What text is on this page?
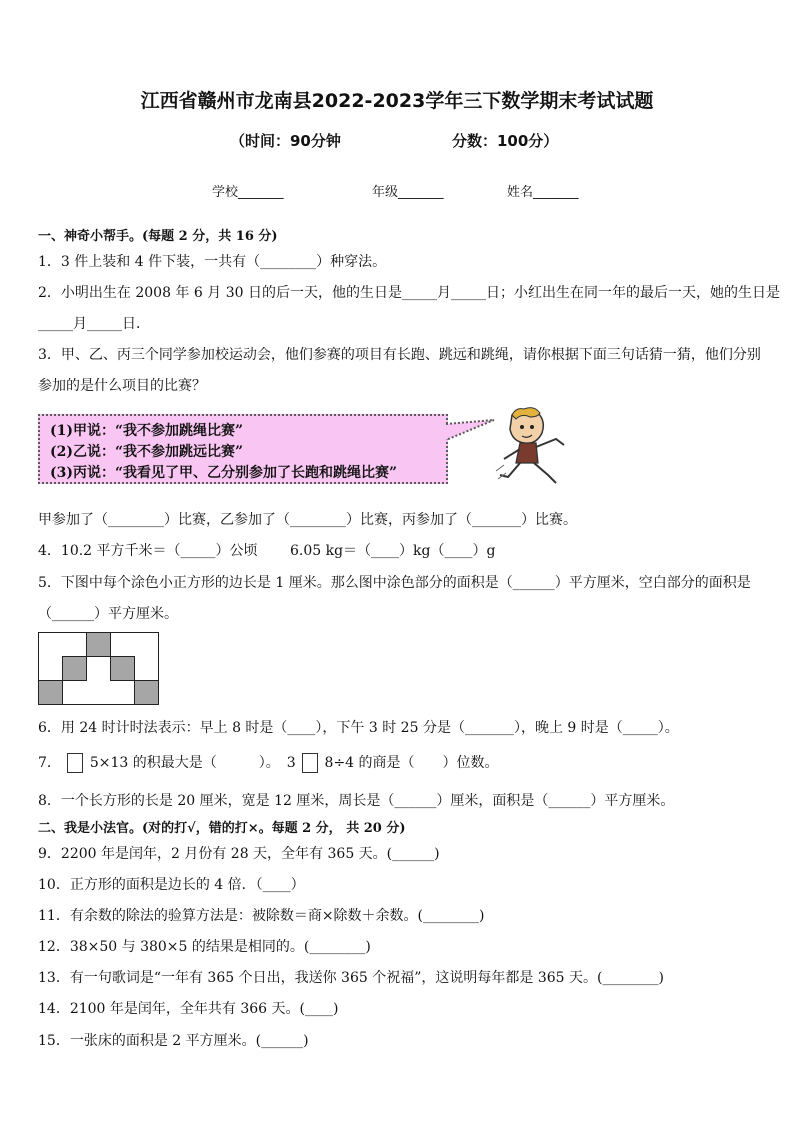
江西省赣州市龙南县2022-2023学年三下数学期末考试试题
（时间：90分钟	分数：100分）
学校_______	年级_______	姓名_______
一、神奇小帮手。(每题 2 分，共 16 分)
1．3 件上装和 4 件下装，一共有（________）种穿法。
2．小明出生在 2008 年 6 月 30 日的后一天，他的生日是_____月_____日；小红出生在同一年的最后一天，她的生日是
_____月_____日．
3．甲、乙、丙三个同学参加校运动会，他们参赛的项目有长跑、跳远和跳绳，请你根据下面三句话猜一猜，他们分别
参加的是什么项目的比赛？
(1)甲说：“我不参加跳绳比赛”
(2)乙说：“我不参加跳远比赛”
(3)丙说：“我看见了甲、乙分别参加了长跑和跳绳比赛”
甲参加了（________）比赛，乙参加了（________）比赛，丙参加了（_______）比赛。
4．10.2 平方千米＝（_____）公顷　　 6.05 kg＝（____）kg（____）g
5．下图中每个涂色小正方形的边长是 1 厘米。那么图中涂色部分的面积是（______）平方厘米，空白部分的面积是
（______）平方厘米。
6．用 24 时计时法表示：早上 8 时是（____），下午 3 时 25 分是（_______），晚上 9 时是（_____）。
7． 5×13 的积最大是（　　　）。　3 8÷4 的商是（　　）位数。
8．一个长方形的长是 20 厘米，宽是 12 厘米，周长是（______）厘米，面积是（______）平方厘米。
二、我是小法官。(对的打√，错的打×。每题 2 分， 共 20 分)
9．2200 年是闰年，2 月份有 28 天，全年有 365 天。(______)
10．正方形的面积是边长的 4 倍．（____）
11．有余数的除法的验算方法是：被除数＝商×除数＋余数。(________)
12．38×50 与 380×5 的结果是相同的。(________)
13．有一句歌词是“一年有 365 个日出，我送你 365 个祝福”，这说明每年都是 365 天。(________)
14．2100 年是闰年，全年共有 366 天。(____)
15．一张床的面积是 2 平方厘米。(______)
